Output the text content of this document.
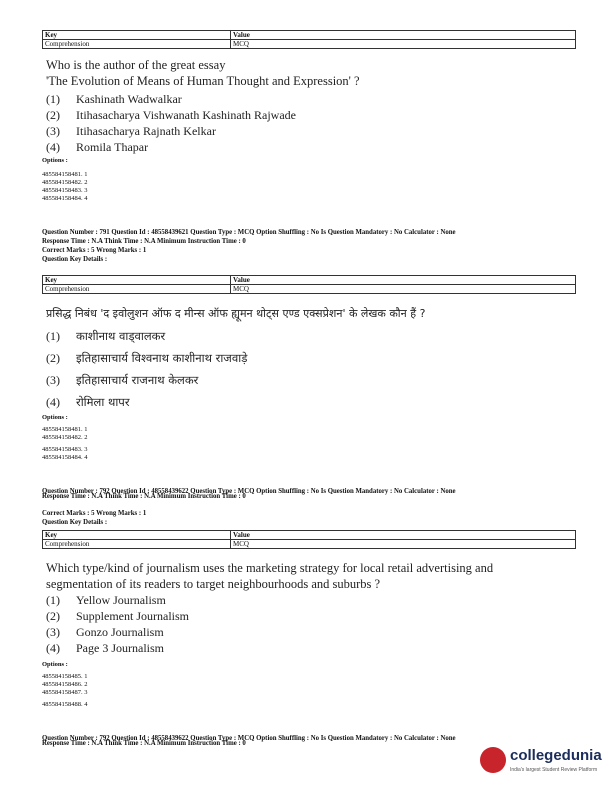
Key	Value
Comprehension	MCQ
Who is the author of the great essay
'The Evolution of Means of Human Thought and Expression' ?
(1) Kashinath Wadwalkar
(2) Itihasacharya Vishwanath Kashinath Rajwade
(3) Itihasacharya Rajnath Kelkar
(4) Romila Thapar
Options :
485584158481. 1
485584158482. 2
485584158483. 3
485584158484. 4
Question Number : 791 Question Id : 48558439621 Question Type : MCQ Option Shuffling : No Is Question Mandatory : No Calculator : None
Response Time : N.A Think Time : N.A Minimum Instruction Time : 0
Correct Marks : 5 Wrong Marks : 1
Question Key Details :
Key	Value
Comprehension	MCQ
प्रसिद्ध निबंध 'द इवोलुशन ऑफ द मीन्स ऑफ ह्यूमन थोट्स एण्ड एक्सप्रेशन' के लेखक कौन हैं ?
(1) काशीनाथ वाड्वालकर
(2) इतिहासाचार्य विश्वनाथ काशीनाथ राजवाड़े
(3) इतिहासाचार्य राजनाथ केलकर
(4) रोमिला थापर
Options :
485584158481. 1
485584158482. 2
485584158483. 3
485584158484. 4
Question Number : 792 Question Id : 48558439622 Question Type : MCQ Option Shuffling : No Is Question Mandatory : No Calculator : None
Response Time : N.A Think Time : N.A Minimum Instruction Time : 0
Correct Marks : 5 Wrong Marks : 1
Question Key Details :
Key	Value
Comprehension	MCQ
Which type/kind of journalism uses the marketing strategy for local retail advertising and
segmentation of its readers to target neighbourhoods and suburbs ?
(1) Yellow Journalism
(2) Supplement Journalism
(3) Gonzo Journalism
(4) Page 3 Journalism
Options :
485584158485. 1
485584158486. 2
485584158487. 3
485584158488. 4
Question Number : 792 Question Id : 48558439622 Question Type : MCQ Option Shuffling : No Is Question Mandatory : No Calculator : None
Response Time : N.A Think Time : N.A Minimum Instruction Time : 0
collegedunia
India's largest Student Review Platform
